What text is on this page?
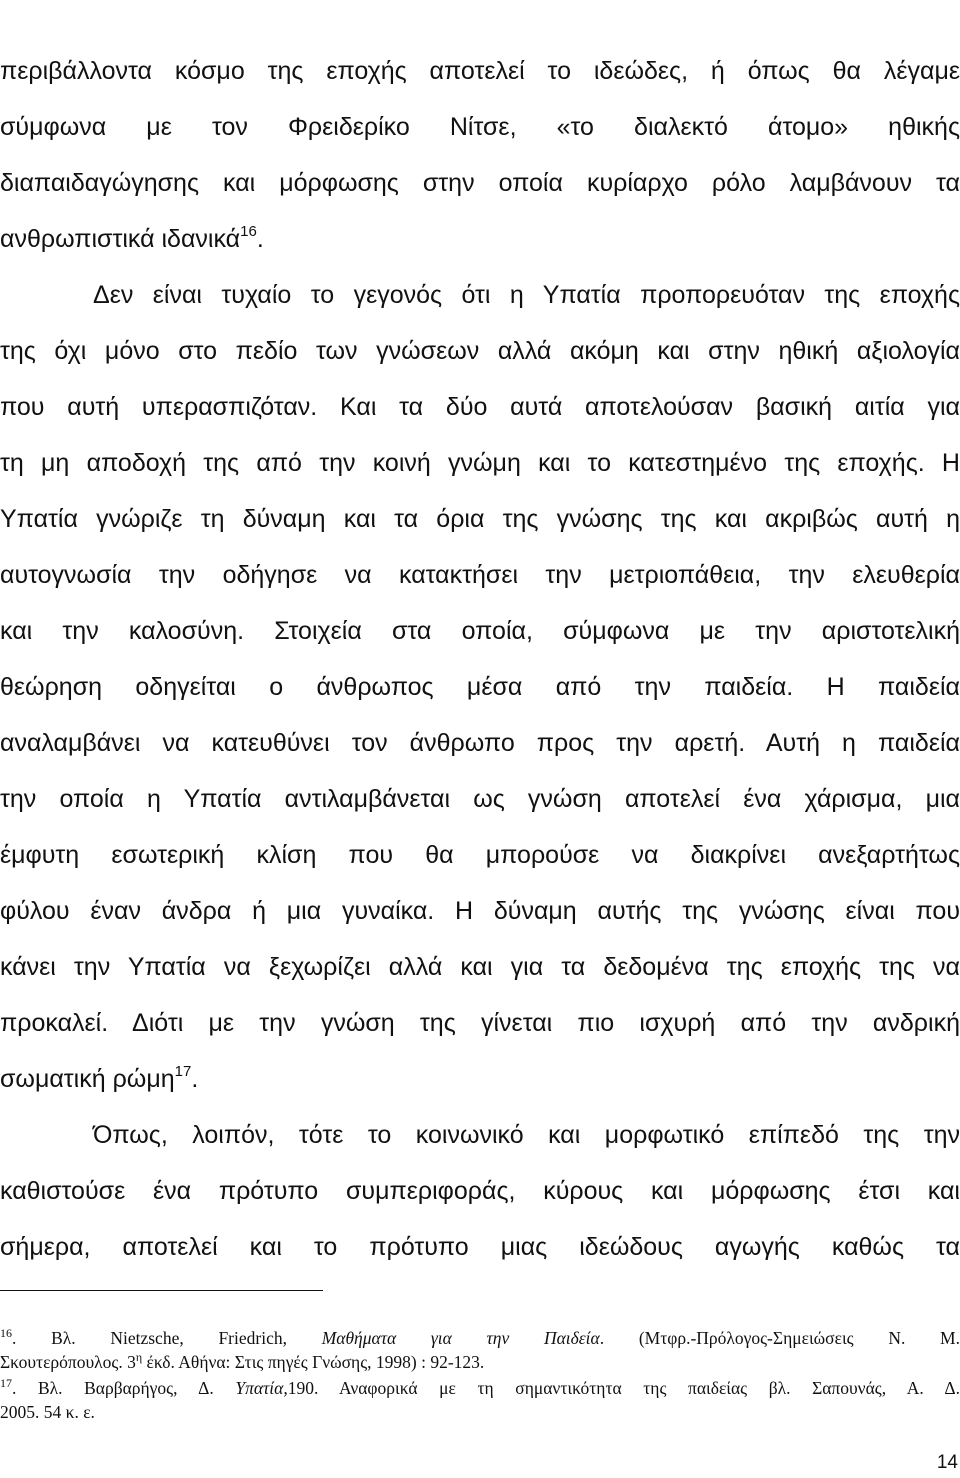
περιβάλλοντα κόσμο της εποχής αποτελεί το ιδεώδες, ή όπως θα λέγαμε
σύμφωνα με τον Φρειδερίκο Νίτσε, «το διαλεκτό άτομο» ηθικής
διαπαιδαγώγησης και μόρφωσης στην οποία κυρίαρχο ρόλο λαμβάνουν τα
ανθρωπιστικά ιδανικά$^{16}$.
Δεν είναι τυχαίο το γεγονός ότι η Υπατία προπορευόταν της εποχής
της όχι μόνο στο πεδίο των γνώσεων αλλά ακόμη και στην ηθική αξιολογία
που αυτή υπερασπιζόταν. Και τα δύο αυτά αποτελούσαν βασική αιτία για
τη μη αποδοχή της από την κοινή γνώμη και το κατεστημένο της εποχής. Η
Υπατία γνώριζε τη δύναμη και τα όρια της γνώσης της και ακριβώς αυτή η
αυτογνωσία την οδήγησε να κατακτήσει την μετριοπάθεια, την ελευθερία
και την καλοσύνη. Στοιχεία στα οποία, σύμφωνα με την αριστοτελική
θεώρηση οδηγείται ο άνθρωπος μέσα από την παιδεία. Η παιδεία
αναλαμβάνει να κατευθύνει τον άνθρωπο προς την αρετή. Αυτή η παιδεία
την οποία η Υπατία αντιλαμβάνεται ως γνώση αποτελεί ένα χάρισμα, μια
έμφυτη εσωτερική κλίση που θα μπορούσε να διακρίνει ανεξαρτήτως
φύλου έναν άνδρα ή μια γυναίκα. Η δύναμη αυτής της γνώσης είναι που
κάνει την Υπατία να ξεχωρίζει αλλά και για τα δεδομένα της εποχής της να
προκαλεί. Διότι με την γνώση της γίνεται πιο ισχυρή από την ανδρική
σωματική ρώμη$^{17}$.
Όπως, λοιπόν, τότε το κοινωνικό και μορφωτικό επίπεδό της την
καθιστούσε ένα πρότυπο συμπεριφοράς, κύρους και μόρφωσης έτσι και
σήμερα, αποτελεί και το πρότυπο μιας ιδεώδους αγωγής καθώς τα
$^{16}$. Βλ. Nietzsche, Friedrich, Μαθήματα για την Παιδεία. (Μτφρ.-Πρόλογος-Σημειώσεις Ν. Μ.
Σκουτερόπουλος. $3^\eta$ έκδ. Αθήνα: Στις πηγές Γνώσης, 1998) : 92-123.
$^{17}$. Βλ. Βαρβαρήγος, Δ. Υπατία,190. Αναφορικά με τη σημαντικότητα της παιδείας βλ. Σαπουνάς, Α. Δ.
2005. 54 κ. ε.
14
